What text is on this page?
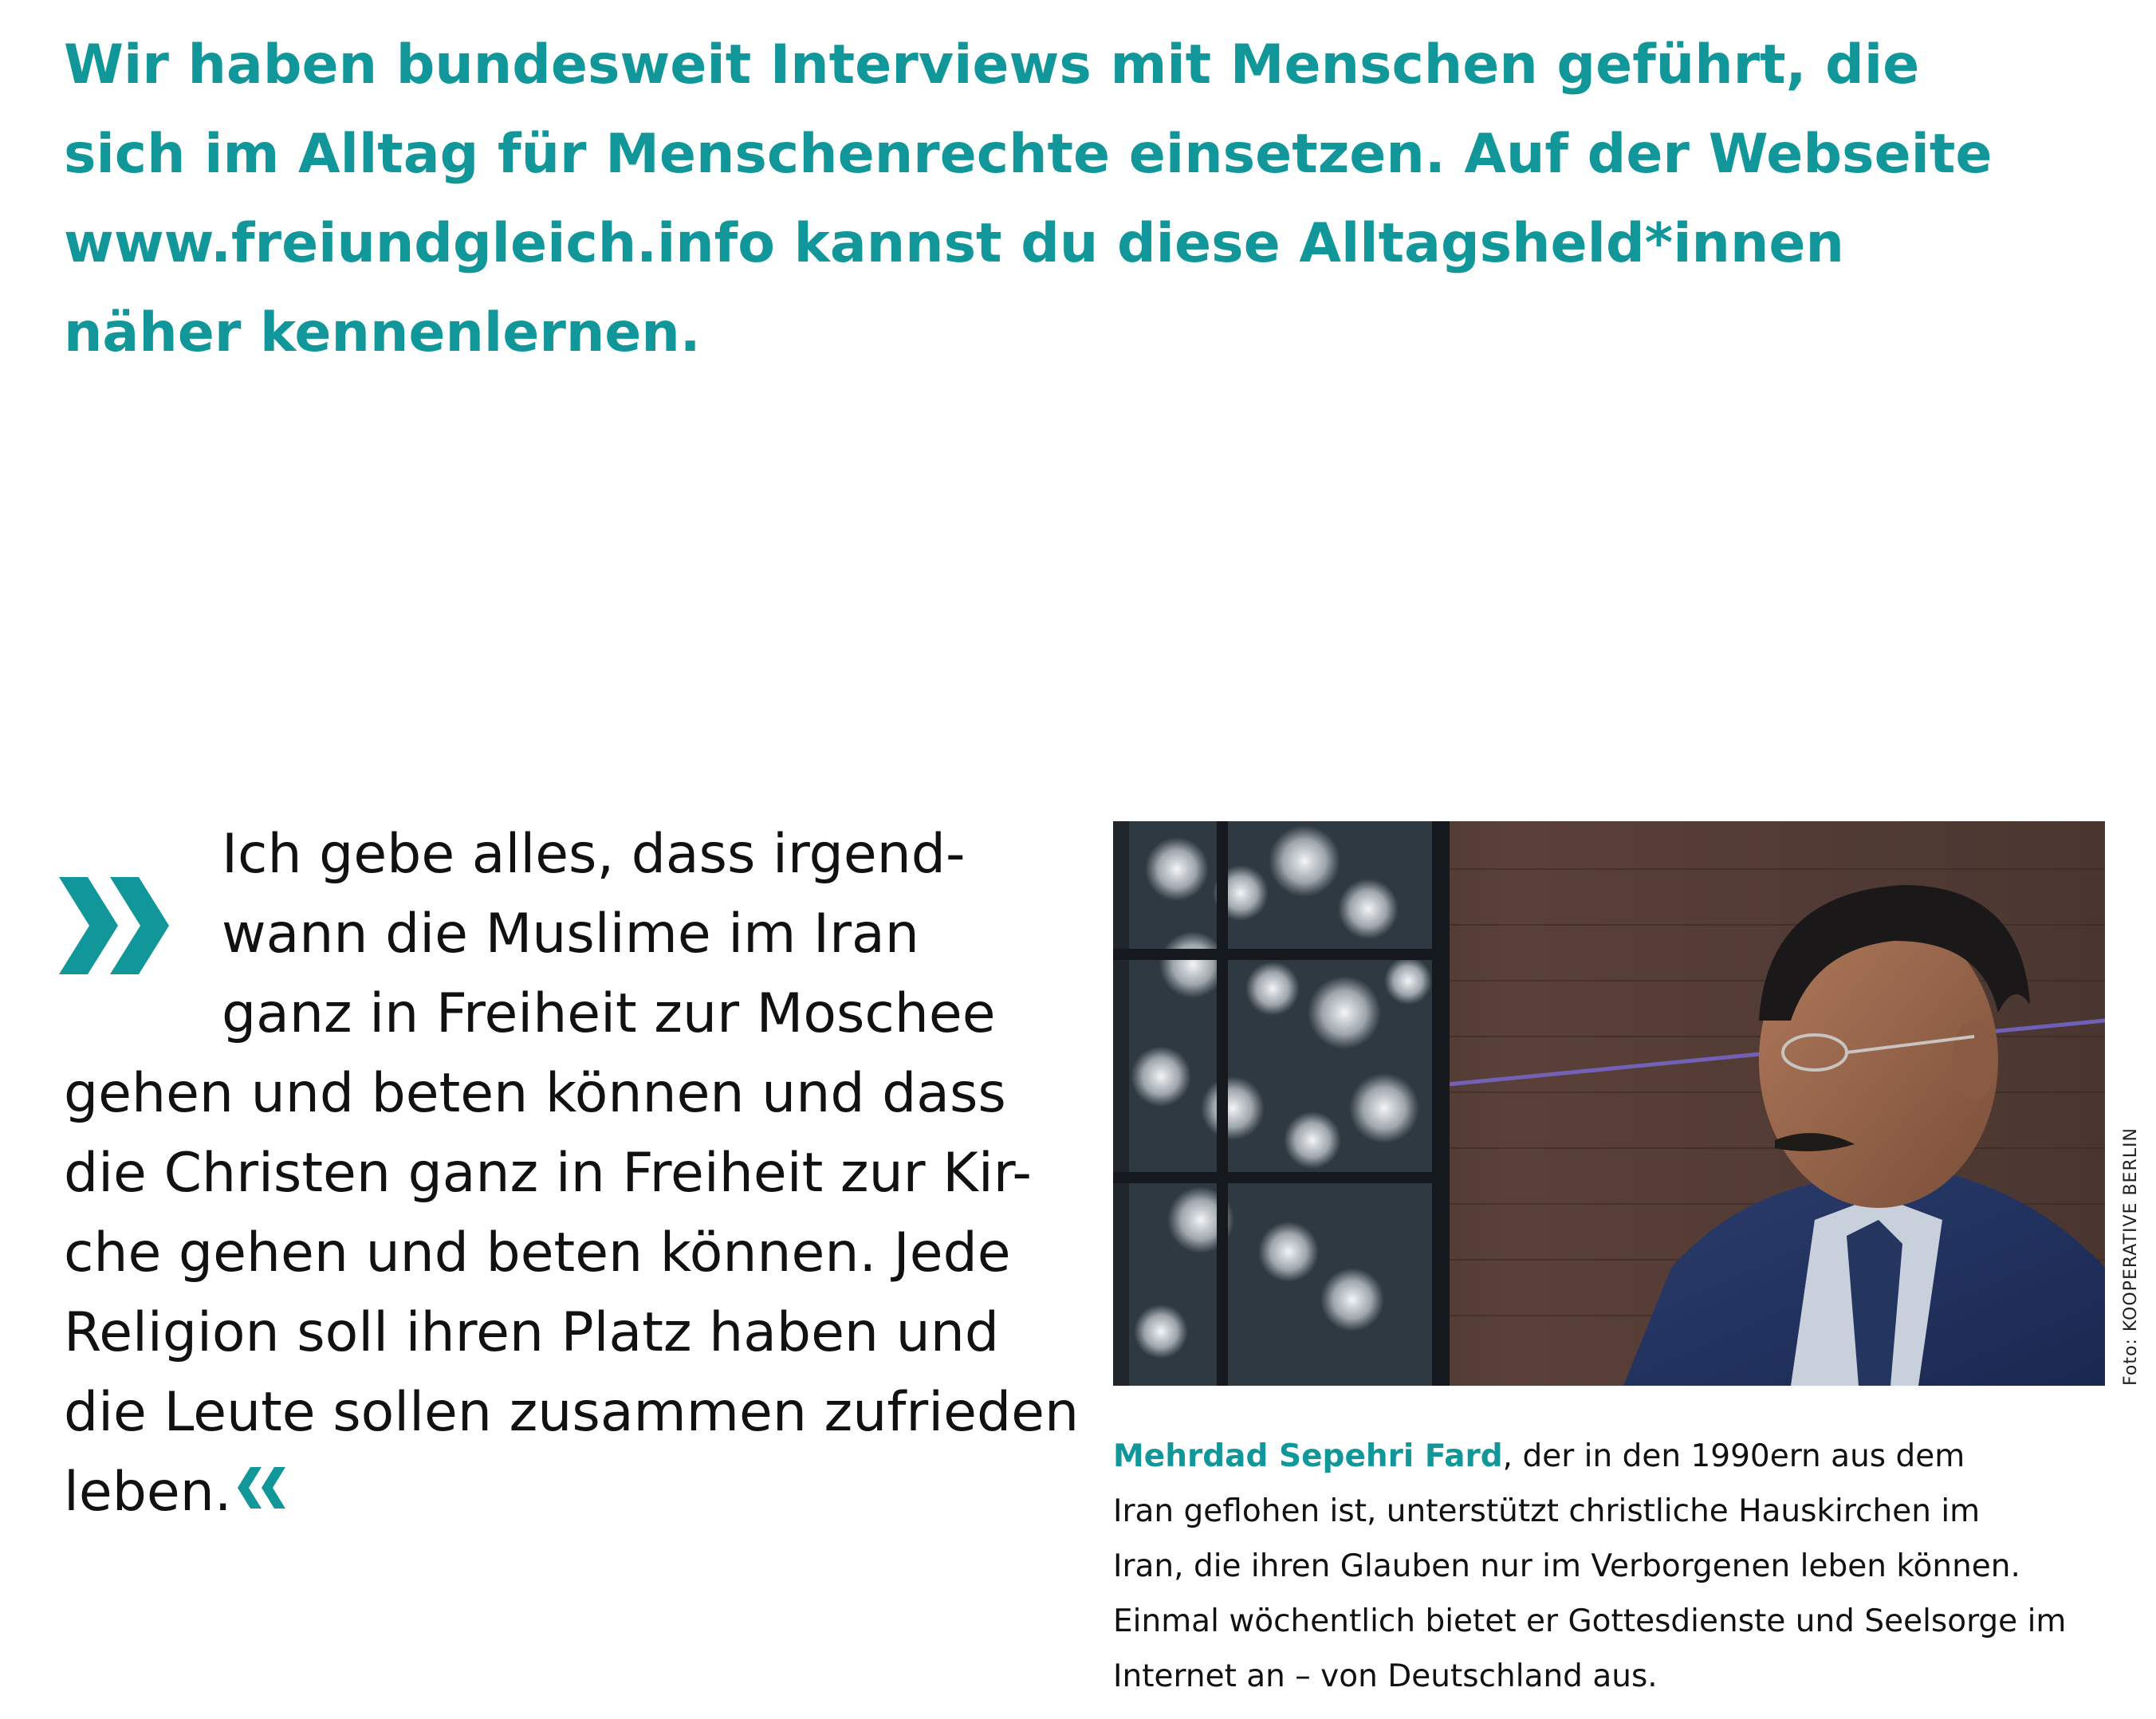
Wir haben bundesweit Interviews mit Menschen geführt, die
sich im Alltag für Menschenrechte einsetzen. Auf der Webseite
www.freiundgleich.info kannst du diese Alltagsheld*innen
näher kennenlernen.

Ich gebe alles, dass irgend-
wann die Muslime im Iran
ganz in Freiheit zur Moschee
gehen und beten können und dass
die Christen ganz in Freiheit zur Kir-
che gehen und beten können. Jede
Religion soll ihren Platz haben und
die Leute sollen zusammen zufrieden
leben.
Foto: KOOPERATIVE BERLIN

Mehrdad Sepehri Fard, der in den 1990ern aus dem
Iran geflohen ist, unterstützt christliche Hauskirchen im
Iran, die ihren Glauben nur im Verborgenen leben können.
Einmal wöchentlich bietet er Gottesdienste und Seelsorge im
Internet an – von Deutschland aus.
